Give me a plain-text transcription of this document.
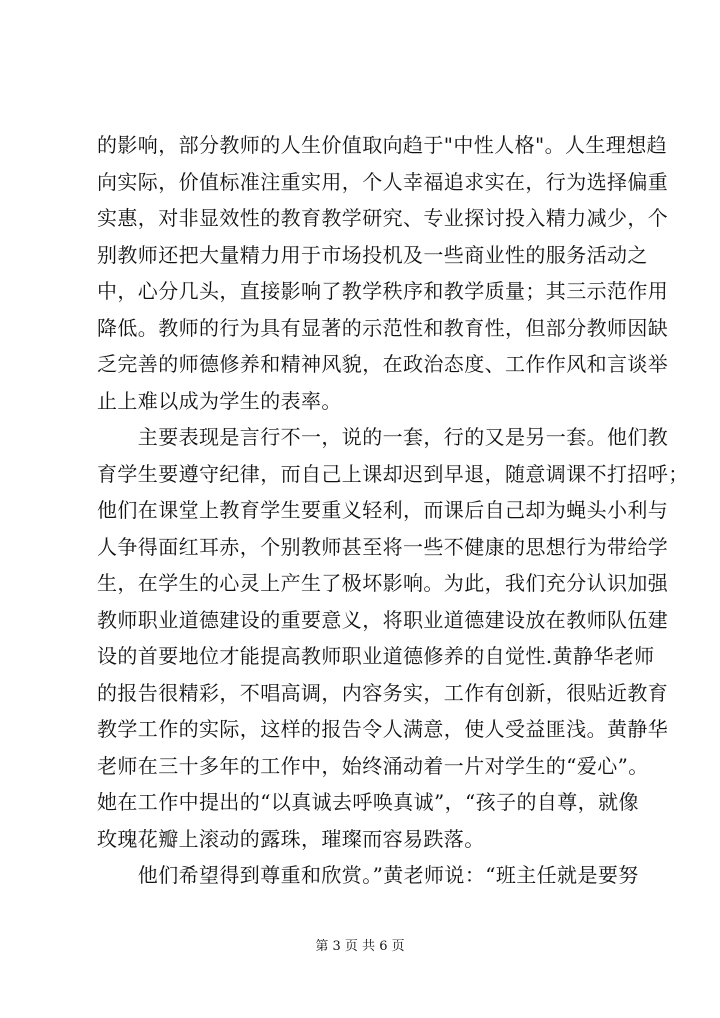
的影响，部分教师的人生价值取向趋于"中性人格"。人生理想趋
向实际，价值标准注重实用，个人幸福追求实在，行为选择偏重
实惠，对非显效性的教育教学研究、专业探讨投入精力减少，个
别教师还把大量精力用于市场投机及一些商业性的服务活动之
中，心分几头，直接影响了教学秩序和教学质量；其三示范作用
降低。教师的行为具有显著的示范性和教育性，但部分教师因缺
乏完善的师德修养和精神风貌，在政治态度、工作作风和言谈举
止上难以成为学生的表率。
　　主要表现是言行不一，说的一套，行的又是另一套。他们教
育学生要遵守纪律，而自己上课却迟到早退，随意调课不打招呼；
他们在课堂上教育学生要重义轻利，而课后自己却为蝇头小利与
人争得面红耳赤，个别教师甚至将一些不健康的思想行为带给学
生，在学生的心灵上产生了极坏影响。为此，我们充分认识加强
教师职业道德建设的重要意义，将职业道德建设放在教师队伍建
设的首要地位才能提高教师职业道德修养的自觉性.黄静华老师
的报告很精彩，不唱高调，内容务实，工作有创新，很贴近教育
教学工作的实际，这样的报告令人满意，使人受益匪浅。黄静华
老师在三十多年的工作中，始终涌动着一片对学生的“爱心”。
她在工作中提出的“以真诚去呼唤真诚”，“孩子的自尊，就像
玫瑰花瓣上滚动的露珠，璀璨而容易跌落。
　　他们希望得到尊重和欣赏。”黄老师说：“班主任就是要努
第 3 页 共 6 页
